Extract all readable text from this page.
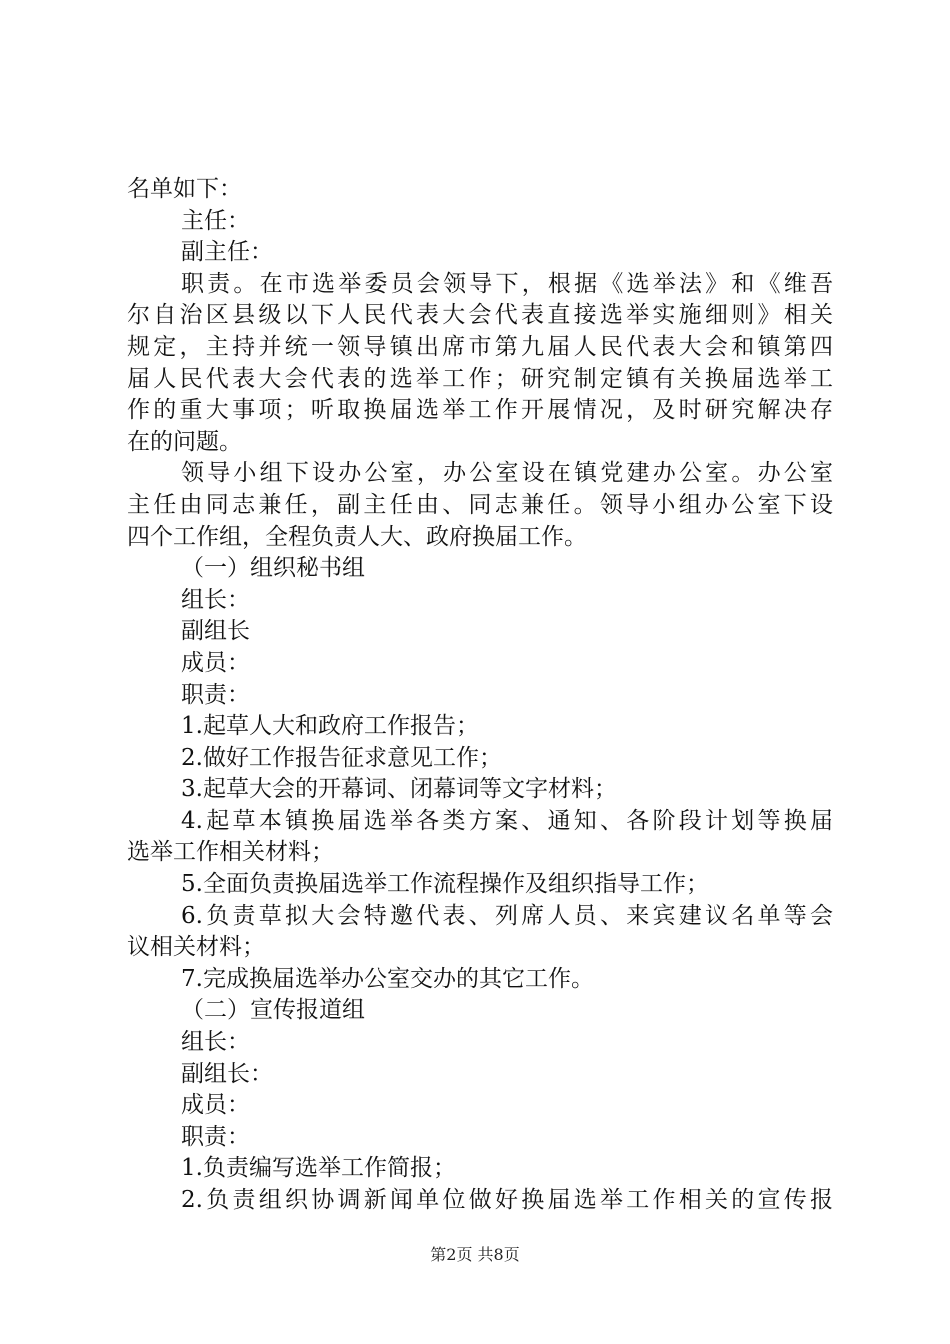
名单如下：
主任：
副主任：
职责。在市选举委员会领导下，根据《选举法》和《维吾
尔自治区县级以下人民代表大会代表直接选举实施细则》相关
规定，主持并统一领导镇出席市第九届人民代表大会和镇第四
届人民代表大会代表的选举工作；研究制定镇有关换届选举工
作的重大事项；听取换届选举工作开展情况，及时研究解决存
在的问题。
领导小组下设办公室，办公室设在镇党建办公室。办公室
主任由同志兼任，副主任由、同志兼任。领导小组办公室下设
四个工作组，全程负责人大、政府换届工作。
（一）组织秘书组
组长：
副组长
成员：
职责：
1.起草人大和政府工作报告；
2.做好工作报告征求意见工作；
3.起草大会的开幕词、闭幕词等文字材料；
4.起草本镇换届选举各类方案、通知、各阶段计划等换届
选举工作相关材料；
5.全面负责换届选举工作流程操作及组织指导工作；
6.负责草拟大会特邀代表、列席人员、来宾建议名单等会
议相关材料；
7.完成换届选举办公室交办的其它工作。
（二）宣传报道组
组长：
副组长：
成员：
职责：
1.负责编写选举工作简报；
2.负责组织协调新闻单位做好换届选举工作相关的宣传报
第2页 共8页
